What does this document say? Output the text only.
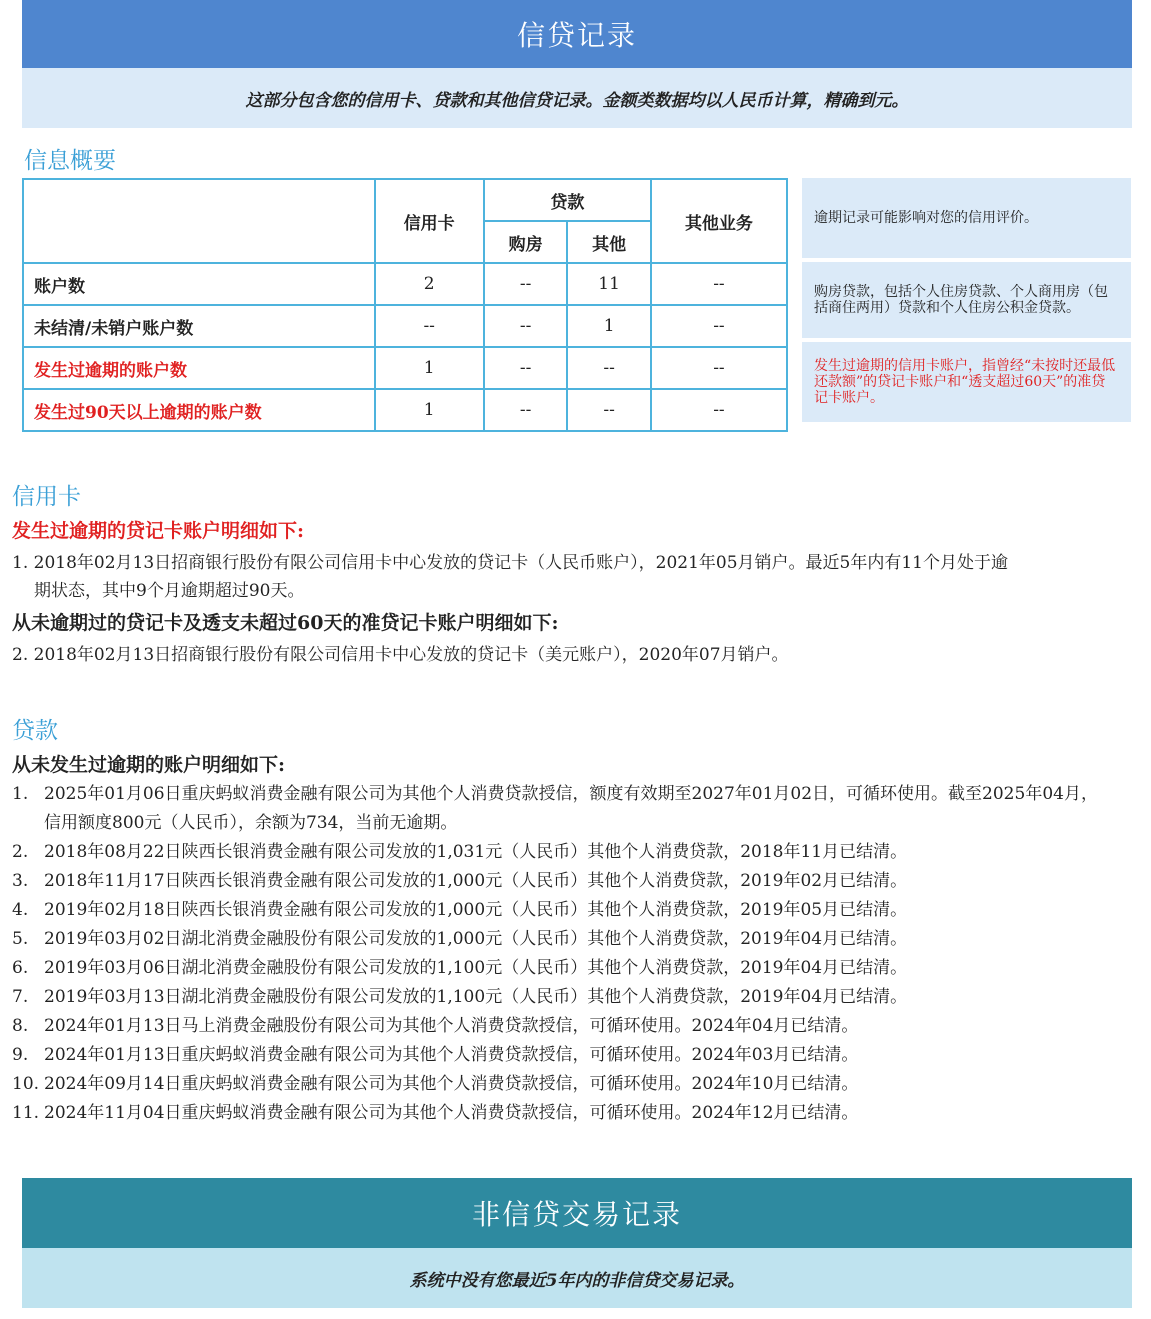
信贷记录
这部分包含您的信用卡、贷款和其他信贷记录。金额类数据均以人民币计算，精确到元。
信息概要
	信用卡	贷款		其他业务
		购房	其他	
账户数	2	--	11	--
未结清/未销户账户数	--	--	1	--
发生过逾期的账户数	1	--	--	--
发生过90天以上逾期的账户数	1	--	--	--
逾期记录可能影响对您的信用评价。
购房贷款，包括个人住房贷款、个人商用房（包括商住两用）贷款和个人住房公积金贷款。
发生过逾期的信用卡账户，指曾经“未按时还最低还款额”的贷记卡账户和“透支超过60天”的准贷记卡账户。
信用卡
发生过逾期的贷记卡账户明细如下:
1. 2018年02月13日招商银行股份有限公司信用卡中心发放的贷记卡（人民币账户），2021年05月销户。最近5年内有11个月处于逾
期状态，其中9个月逾期超过90天。
从未逾期过的贷记卡及透支未超过60天的准贷记卡账户明细如下:
2. 2018年02月13日招商银行股份有限公司信用卡中心发放的贷记卡（美元账户），2020年07月销户。
贷款
从未发生过逾期的账户明细如下:
1. 2025年01月06日重庆蚂蚁消费金融有限公司为其他个人消费贷款授信，额度有效期至2027年01月02日，可循环使用。截至2025年04月，信用额度800元（人民币），余额为734，当前无逾期。
2. 2018年08月22日陕西长银消费金融有限公司发放的1,031元（人民币）其他个人消费贷款，2018年11月已结清。
3. 2018年11月17日陕西长银消费金融有限公司发放的1,000元（人民币）其他个人消费贷款，2019年02月已结清。
4. 2019年02月18日陕西长银消费金融有限公司发放的1,000元（人民币）其他个人消费贷款，2019年05月已结清。
5. 2019年03月02日湖北消费金融股份有限公司发放的1,000元（人民币）其他个人消费贷款，2019年04月已结清。
6. 2019年03月06日湖北消费金融股份有限公司发放的1,100元（人民币）其他个人消费贷款，2019年04月已结清。
7. 2019年03月13日湖北消费金融股份有限公司发放的1,100元（人民币）其他个人消费贷款，2019年04月已结清。
8. 2024年01月13日马上消费金融股份有限公司为其他个人消费贷款授信，可循环使用。2024年04月已结清。
9. 2024年01月13日重庆蚂蚁消费金融有限公司为其他个人消费贷款授信，可循环使用。2024年03月已结清。
10. 2024年09月14日重庆蚂蚁消费金融有限公司为其他个人消费贷款授信，可循环使用。2024年10月已结清。
11. 2024年11月04日重庆蚂蚁消费金融有限公司为其他个人消费贷款授信，可循环使用。2024年12月已结清。
非信贷交易记录
系统中没有您最近5年内的非信贷交易记录。
